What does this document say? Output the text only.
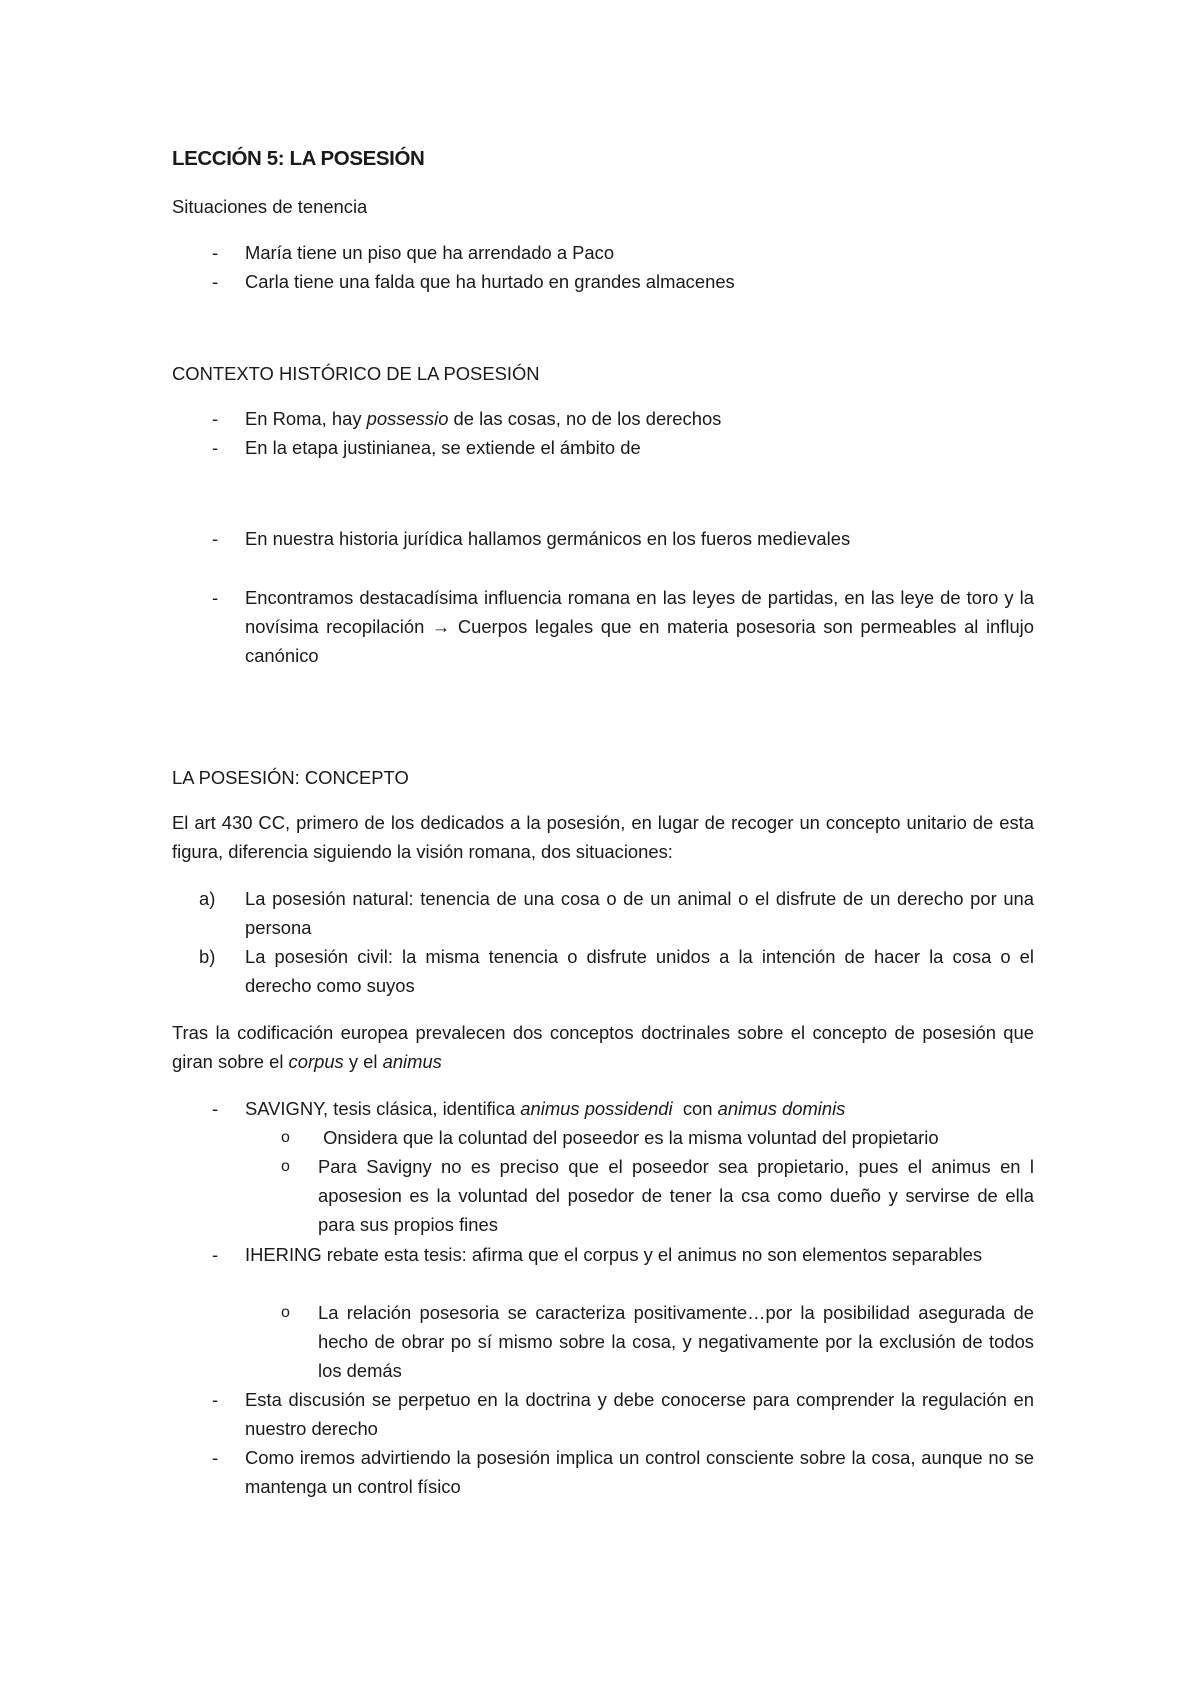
LECCIÓN 5: LA POSESIÓN
Situaciones de tenencia
- María tiene un piso que ha arrendado a Paco
- Carla tiene una falda que ha hurtado en grandes almacenes
CONTEXTO HISTÓRICO DE LA POSESIÓN
- En Roma, hay possessio de las cosas, no de los derechos
- En la etapa justinianea, se extiende el ámbito de
- En nuestra historia jurídica hallamos germánicos en los fueros medievales
- Encontramos destacadísima influencia romana en las leyes de partidas, en las leye de toro y la novísima recopilación → Cuerpos legales que en materia posesoria son permeables al influjo canónico
LA POSESIÓN: CONCEPTO
El art 430 CC, primero de los dedicados a la posesión, en lugar de recoger un concepto unitario de esta figura, diferencia siguiendo la visión romana, dos situaciones:
a) La posesión natural: tenencia de una cosa o de un animal o el disfrute de un derecho por una persona
b) La posesión civil: la misma tenencia o disfrute unidos a la intención de hacer la cosa o el derecho como suyos
Tras la codificación europea prevalecen dos conceptos doctrinales sobre el concepto de posesión que giran sobre el corpus y el animus
- SAVIGNY, tesis clásica, identifica animus possidendi  con animus dominis
o Onsidera que la coluntad del poseedor es la misma voluntad del propietario
o Para Savigny no es preciso que el poseedor sea propietario, pues el animus en l aposesion es la voluntad del posedor de tener la csa como dueño y servirse de ella para sus propios fines
- IHERING rebate esta tesis: afirma que el corpus y el animus no son elementos separables
o La relación posesoria se caracteriza positivamente…por la posibilidad asegurada de hecho de obrar po sí mismo sobre la cosa, y negativamente por la exclusión de todos los demás
- Esta discusión se perpetuo en la doctrina y debe conocerse para comprender la regulación en nuestro derecho
- Como iremos advirtiendo la posesión implica un control consciente sobre la cosa, aunque no se mantenga un control físico
